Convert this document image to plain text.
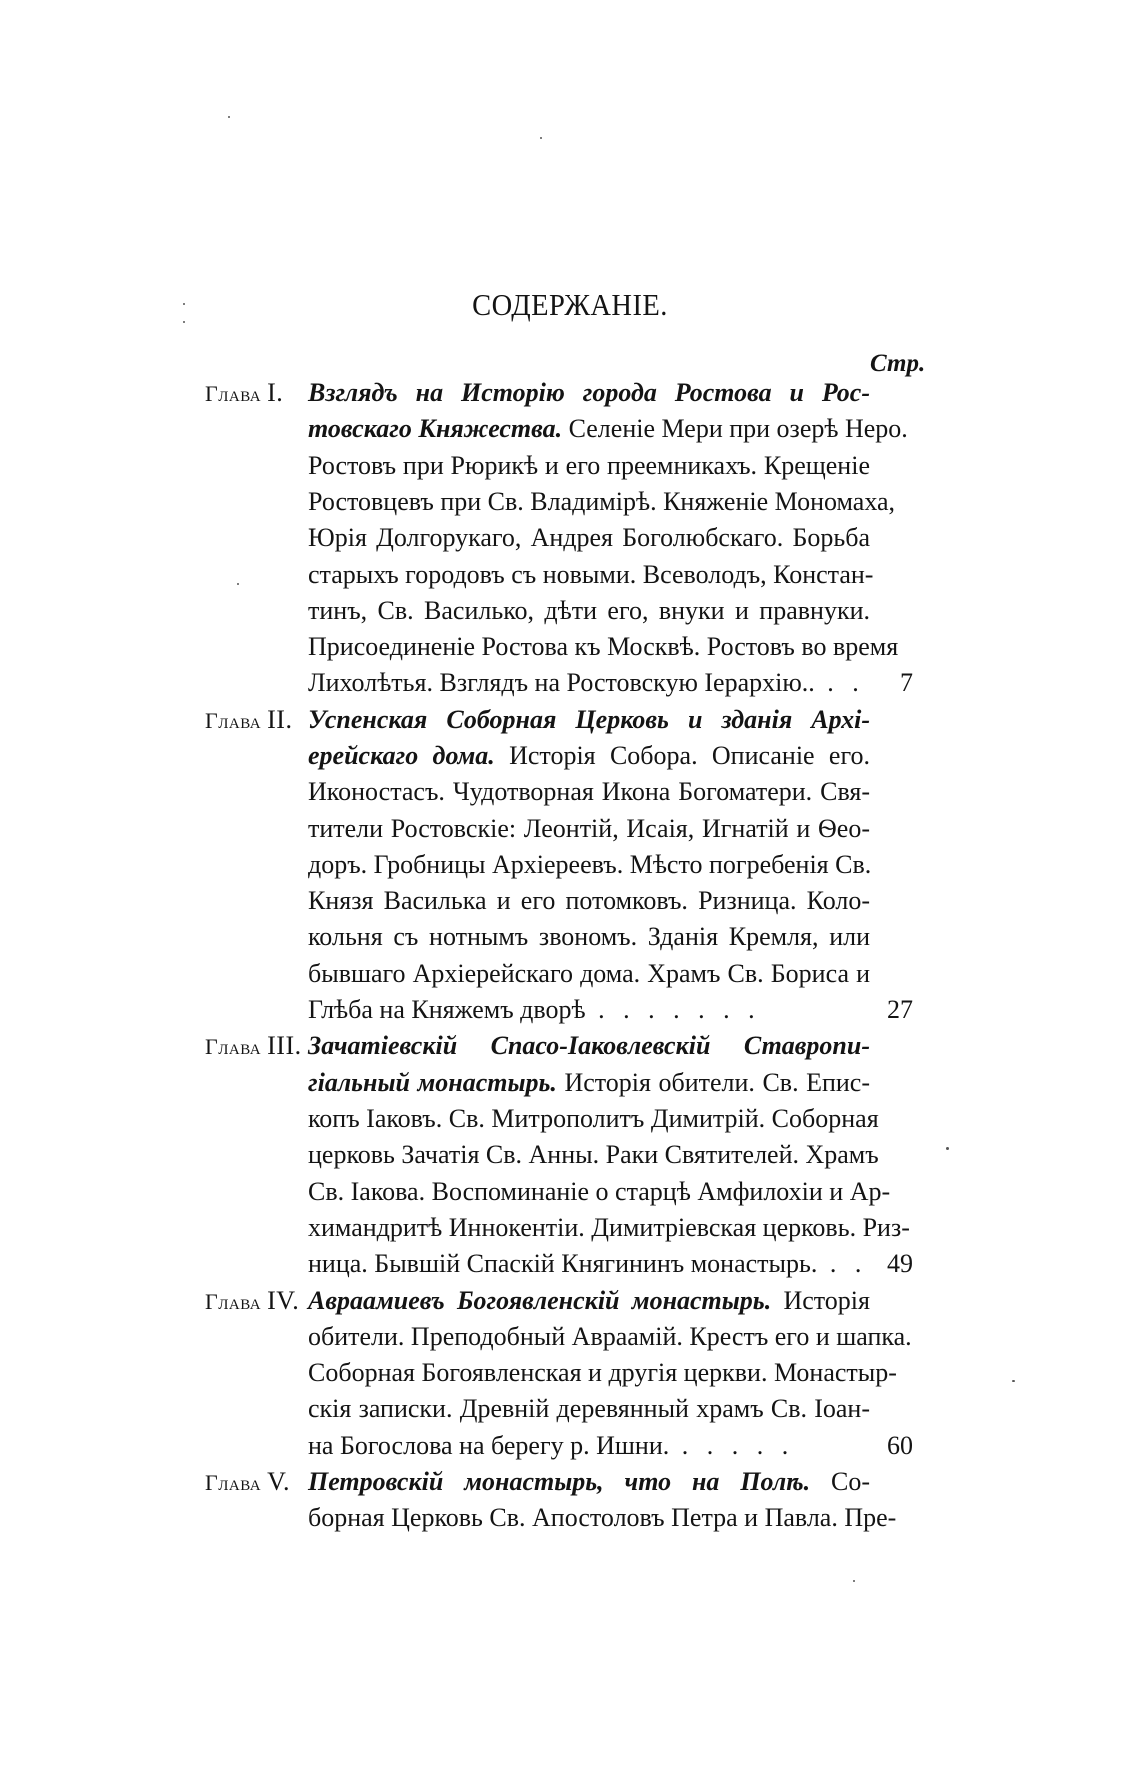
СОДЕРЖАНІЕ.
Стр.
Глава I. Взглядъ на Исторію города Ростова и Рос-
товскаго Княжества. Селеніе Мери при озерѣ Неро.
Ростовъ при Рюрикѣ и его преемникахъ. Крещеніе
Ростовцевъ при Св. Владимірѣ. Княженіе Мономаха,
Юрія Долгорукаго, Андрея Боголюбскаго. Борьба
старыхъ городовъ съ новыми. Всеволодъ, Констан-
тинъ, Св. Василько, дѣти его, внуки и правнуки.
Присоединеніе Ростова къ Москвѣ. Ростовъ во время
Лихолѣтья. Взглядъ на Ростовскую Іерархію.. . .
Глава II. Успенская Соборная Церковь и зданія Архі-
ерейскаго дома. Исторія Собора. Описаніе его.
Иконостасъ. Чудотворная Икона Богоматери. Свя-
тители Ростовскіе: Леонтій, Исаія, Игнатій и Ѳео-
доръ. Гробницы Архіереевъ. Мѣсто погребенія Св.
Князя Василька и его потомковъ. Ризница. Коло-
кольня съ нотнымъ звономъ. Зданія Кремля, или
бывшаго Архіерейскаго дома. Храмъ Св. Бориса и
Глѣба на Княжемъ дворѣ . . . . . . .
Глава III. Зачатіевскій Спасо-Іаковлевскій Ставропи-
гіальный монастырь. Исторія обители. Св. Епис-
копъ Іаковъ. Св. Митрополитъ Димитрій. Соборная
церковь Зачатія Св. Анны. Раки Святителей. Храмъ
Св. Іакова. Воспоминаніе о старцѣ Амфилохіи и Ар-
химандритѣ Иннокентіи. Димитріевская церковь. Риз-
ница. Бывшій Спаскій Княгининъ монастырь. . .
Глава IV. Авраамиевъ Богоявленскій монастырь. Исторія
обители. Преподобный Авраамій. Крестъ его и шапка.
Соборная Богоявленская и другія церкви. Монастыр-
скія записки. Древній деревянный храмъ Св. Іоан-
на Богослова на берегу р. Ишни. . . . . .
Глава V. Петровскій монастырь, что на Полѣ. Со-
борная Церковь Св. Апостоловъ Петра и Павла. Пре-
7
27
49
60
